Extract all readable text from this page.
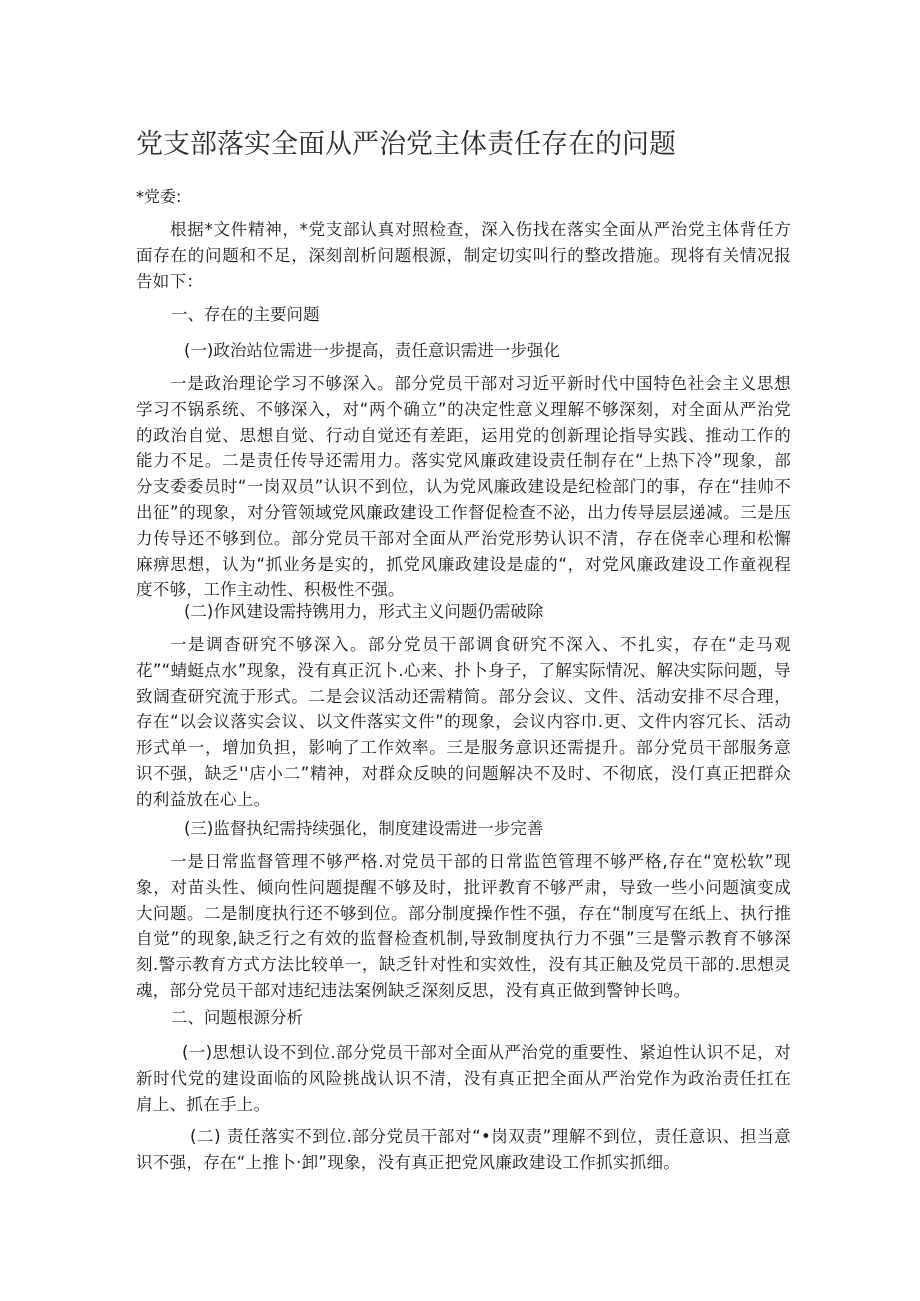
党支部落实全面从严治党主体责任存在的问题
*党委:
根据*文件精神，*党支部认真对照检查，深入伤找在落实全面从严治党主体背任方面存在的问题和不足，深刻剖析问题根源，制定切实叫行的整改措施。现将有关情况报告如下：
一、存在的主要问题
(一)政治站位需进一步提高，责任意识需进一步强化
一是政治理论学习不够深入。部分党员干部对习近平新时代中国特色社会主义思想学习不锅系统、不够深入，对“两个确立”的决定性意义理解不够深刻，对全面从严治党的政治自觉、思想自觉、行动自觉还有差距，运用党的创新理论指导实践、推动工作的能力不足。二是责任传导还需用力。落实党风廉政建设责任制存在“上热下冷”现象，部分支委委员时“一岗双员”认识不到位，认为党风廉政建设是纪检部门的事，存在“挂帅不出征”的现象，对分管领域党风廉政建设工作督促检查不泌，出力传导层层递减。三是压力传导还不够到位。部分党员干部对全面从严治党形势认识不清，存在侥幸心理和松懈麻痹思想，认为“抓业务是实的，抓党风廉政建设是虚的“，对党风廉政建设工作童视程度不够，工作主动性、积极性不强。
(二)作风建设需持镌用力，形式主义问题仍需破除
一是调杳研究不够深入。部分党员干部调食研究不深入、不扎实，存在“走马观花”“蜻蜓点水”现象，没有真正沉卜.心来、扑卜身子，了解实际情况、解决实际问题，导致阔查研究流于形式。二是会议活动还需精简。部分会议、文件、活动安排不尽合理，存在“以会议落实会议、以文件落实文件”的现象，会议内容巾.更、文件内容冗长、活动形式单一，增加负担，影响了工作效率。三是服务意识还需提升。部分党员干部服务意识不强，缺乏''店小二”精神，对群众反映的问题解决不及时、不彻底，没仃真正把群众的利益放在心上。
(三)监督执纪需持续强化，制度建设需进一步完善
一是日常监督管理不够严格.对党员干部的日常监笆管理不够严格,存在“宽松软”现象，对苗头性、倾向性问题提醒不够及时，批评教育不够严肃，导致一些小问题演变成大问题。二是制度执行还不够到位。部分制度操作性不强，存在“制度写在纸上、执行推自觉”的现象,缺乏行之有效的监督检查机制,导致制度执行力不强”三是警示教育不够深刻.警示教育方式方法比较单一，缺乏针对性和实效性，没有其正触及党员干部的.思想灵魂，部分党员干部对违纪违法案例缺乏深刻反思，没有真正做到警钟长鸣。
二、问题根源分析
(一)思想认设不到位.部分党员干部对全面从严治党的重要性、紧迫性认识不足，对新时代党的建设面临的风险挑战认识不清，没有真正把全面从严治党作为政治责任扛在肩上、抓在手上。
(二) 责任落实不到位.部分党员干部对“•岗双责”理解不到位，责任意识、担当意识不强，存在“上推卜·卸”现象，没有真正把党风廉政建设工作抓实抓细。
